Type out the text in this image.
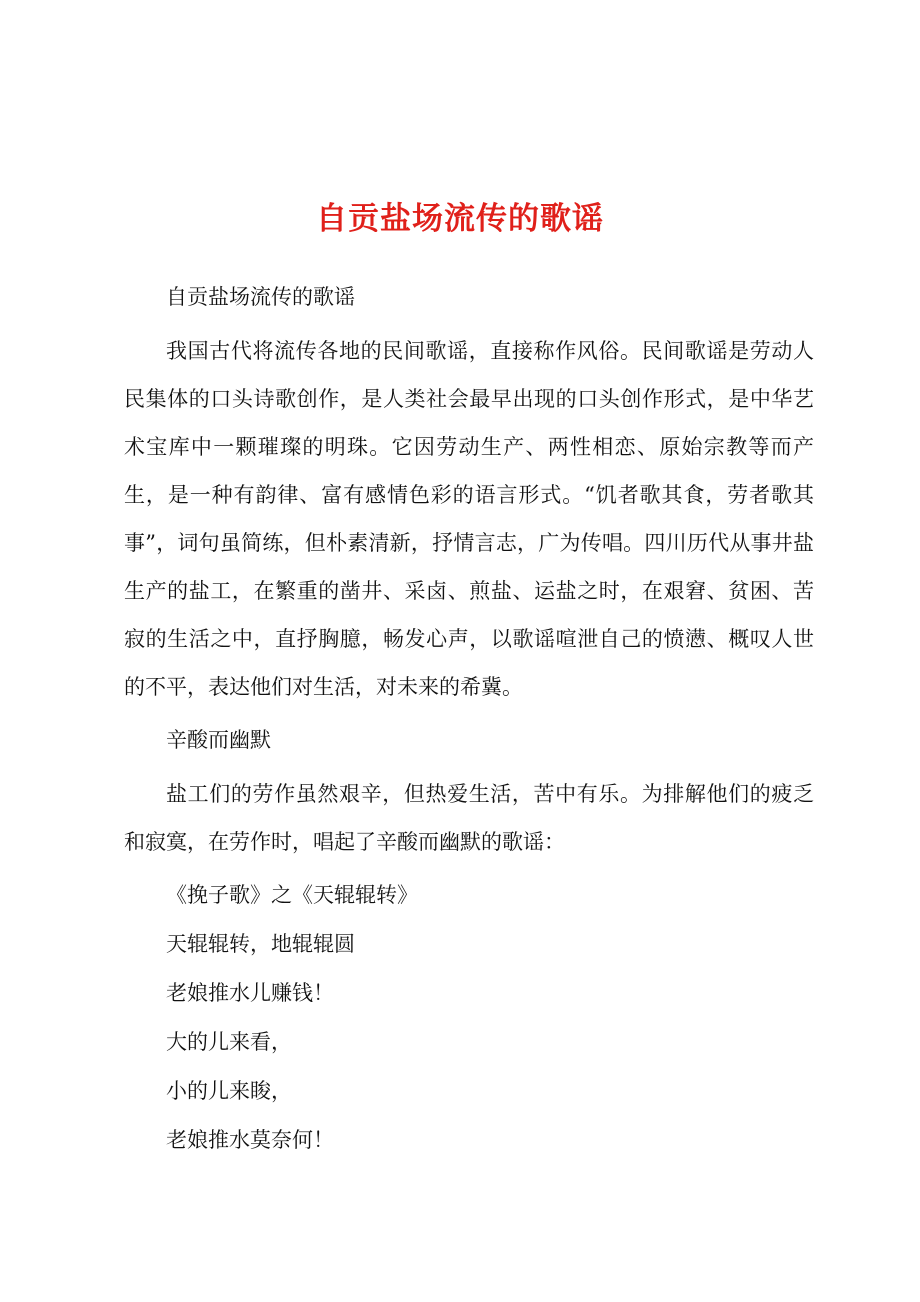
自贡盐场流传的歌谣

自贡盐场流传的歌谣

我国古代将流传各地的民间歌谣，直接称作风俗。民间歌谣是劳动人民集体的口头诗歌创作，是人类社会最早出现的口头创作形式，是中华艺术宝库中一颗璀璨的明珠。它因劳动生产、两性相恋、原始宗教等而产生，是一种有韵律、富有感情色彩的语言形式。“饥者歌其食，劳者歌其事”，词句虽简练，但朴素清新，抒情言志，广为传唱。四川历代从事井盐生产的盐工，在繁重的凿井、采卤、煎盐、运盐之时，在艰窘、贫困、苦寂的生活之中，直抒胸臆，畅发心声，以歌谣喧泄自己的愤懑、概叹人世的不平，表达他们对生活，对未来的希冀。

辛酸而幽默

盐工们的劳作虽然艰辛，但热爱生活，苦中有乐。为排解他们的疲乏和寂寞，在劳作时，唱起了辛酸而幽默的歌谣：

《挽子歌》之《天辊辊转》

天辊辊转，地辊辊圆

老娘推水儿赚钱！

大的儿来看，

小的儿来睃，

老娘推水莫奈何！
